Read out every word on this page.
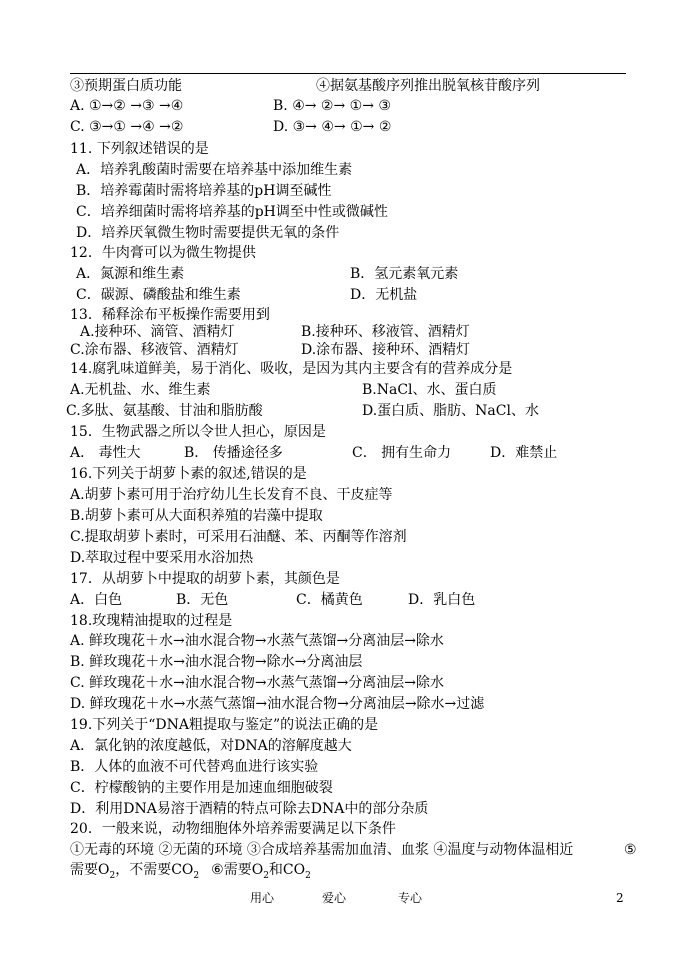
③预期蛋白质功能	④据氨基酸序列推出脱氧核苷酸序列
A. ①→② →③ →④	B. ④→ ②→ ①→ ③
C. ③→① →④ →②	D. ③→ ④→ ①→ ②
11. 下列叙述错误的是
A．培养乳酸菌时需要在培养基中添加维生素
B．培养霉菌时需将培养基的pH调至碱性
C．培养细菌时需将培养基的pH调至中性或微碱性
D．培养厌氧微生物时需要提供无氧的条件
12．牛肉膏可以为微生物提供
A．氮源和维生素	B．氢元素氧元素
C．碳源、磷酸盐和维生素	D．无机盐
13．稀释涂布平板操作需要用到
A.接种环、滴管、酒精灯	B.接种环、移液管、酒精灯
C.涂布器、移液管、酒精灯	D.涂布器、接种环、酒精灯
14.腐乳味道鲜美，易于消化、吸收，是因为其内主要含有的营养成分是
A.无机盐、水、维生素	B.NaCl、水、蛋白质
C.多肽、氨基酸、甘油和脂肪酸	D.蛋白质、脂肪、NaCl、水
15．生物武器之所以令世人担心，原因是
A． 毒性大	B． 传播途径多	C． 拥有生命力	D．难禁止
16.下列关于胡萝卜素的叙述,错误的是
A.胡萝卜素可用于治疗幼儿生长发育不良、干皮症等
B.胡萝卜素可从大面积养殖的岩藻中提取
C.提取胡萝卜素时，可采用石油醚、苯、丙酮等作溶剂
D.萃取过程中要采用水浴加热
17．从胡萝卜中提取的胡萝卜素，其颜色是
A．白色	B．无色	C．橘黄色	D．乳白色
18.玫瑰精油提取的过程是
A. 鲜玫瑰花＋水→油水混合物→水蒸气蒸馏→分离油层→除水
B. 鲜玫瑰花＋水→油水混合物→除水→分离油层
C. 鲜玫瑰花＋水→油水混合物→水蒸气蒸馏→分离油层→除水
D. 鲜玫瑰花＋水→水蒸气蒸馏→油水混合物→分离油层→除水→过滤
19.下列关于“DNA粗提取与鉴定”的说法正确的是
A．氯化钠的浓度越低，对DNA的溶解度越大
B．人体的血液不可代替鸡血进行该实验
C．柠檬酸钠的主要作用是加速血细胞破裂
D．利用DNA易溶于酒精的特点可除去DNA中的部分杂质
20．一般来说，动物细胞体外培养需要满足以下条件
①无毒的环境 ②无菌的环境 ③合成培养基需加血清、血浆 ④温度与动物体温相近	⑤
需要$O_2$，不需要$CO_2$ ⑥需要$O_2$和$CO_2$
用心	爱心	专心	2
